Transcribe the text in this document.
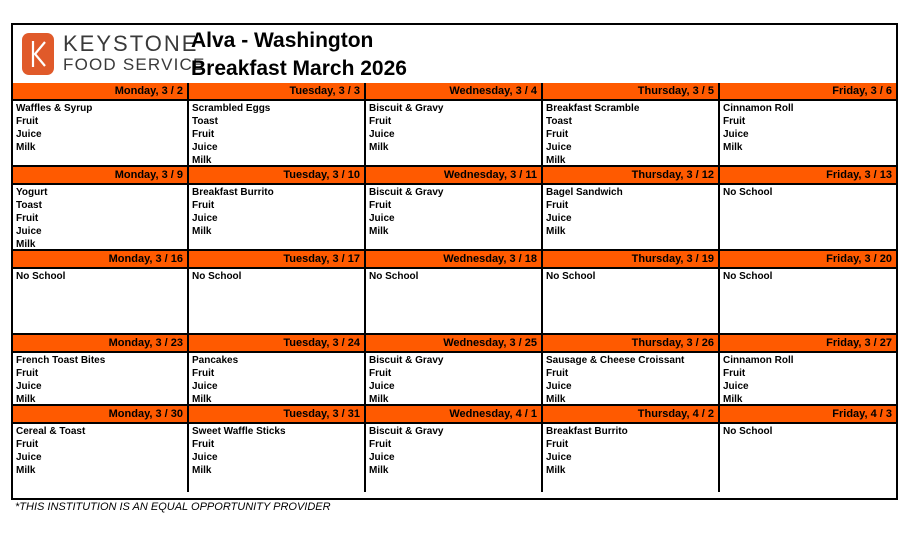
KEYSTONE
FOOD SERVICE
Alva - Washington
Breakfast March 2026
Monday, 3 / 2
Waffles & Syrup
Fruit
Juice
Milk
Tuesday, 3 / 3
Scrambled Eggs
Toast
Fruit
Juice
Milk
Wednesday, 3 / 4
Biscuit & Gravy
Fruit
Juice
Milk
Thursday, 3 / 5
Breakfast Scramble
Toast
Fruit
Juice
Milk
Friday, 3 / 6
Cinnamon Roll
Fruit
Juice
Milk
Monday, 3 / 9
Yogurt
Toast
Fruit
Juice
Milk
Tuesday, 3 / 10
Breakfast Burrito
Fruit
Juice
Milk
Wednesday, 3 / 11
Biscuit & Gravy
Fruit
Juice
Milk
Thursday, 3 / 12
Bagel Sandwich
Fruit
Juice
Milk
Friday, 3 / 13
No School
Monday, 3 / 16
No School
Tuesday, 3 / 17
No School
Wednesday, 3 / 18
No School
Thursday, 3 / 19
No School
Friday, 3 / 20
No School
Monday, 3 / 23
French Toast Bites
Fruit
Juice
Milk
Tuesday, 3 / 24
Pancakes
Fruit
Juice
Milk
Wednesday, 3 / 25
Biscuit & Gravy
Fruit
Juice
Milk
Thursday, 3 / 26
Sausage & Cheese Croissant
Fruit
Juice
Milk
Friday, 3 / 27
Cinnamon Roll
Fruit
Juice
Milk
Monday, 3 / 30
Cereal & Toast
Fruit
Juice
Milk
Tuesday, 3 / 31
Sweet Waffle Sticks
Fruit
Juice
Milk
Wednesday, 4 / 1
Biscuit & Gravy
Fruit
Juice
Milk
Thursday, 4 / 2
Breakfast Burrito
Fruit
Juice
Milk
Friday, 4 / 3
No School
*THIS INSTITUTION IS AN EQUAL OPPORTUNITY PROVIDER
